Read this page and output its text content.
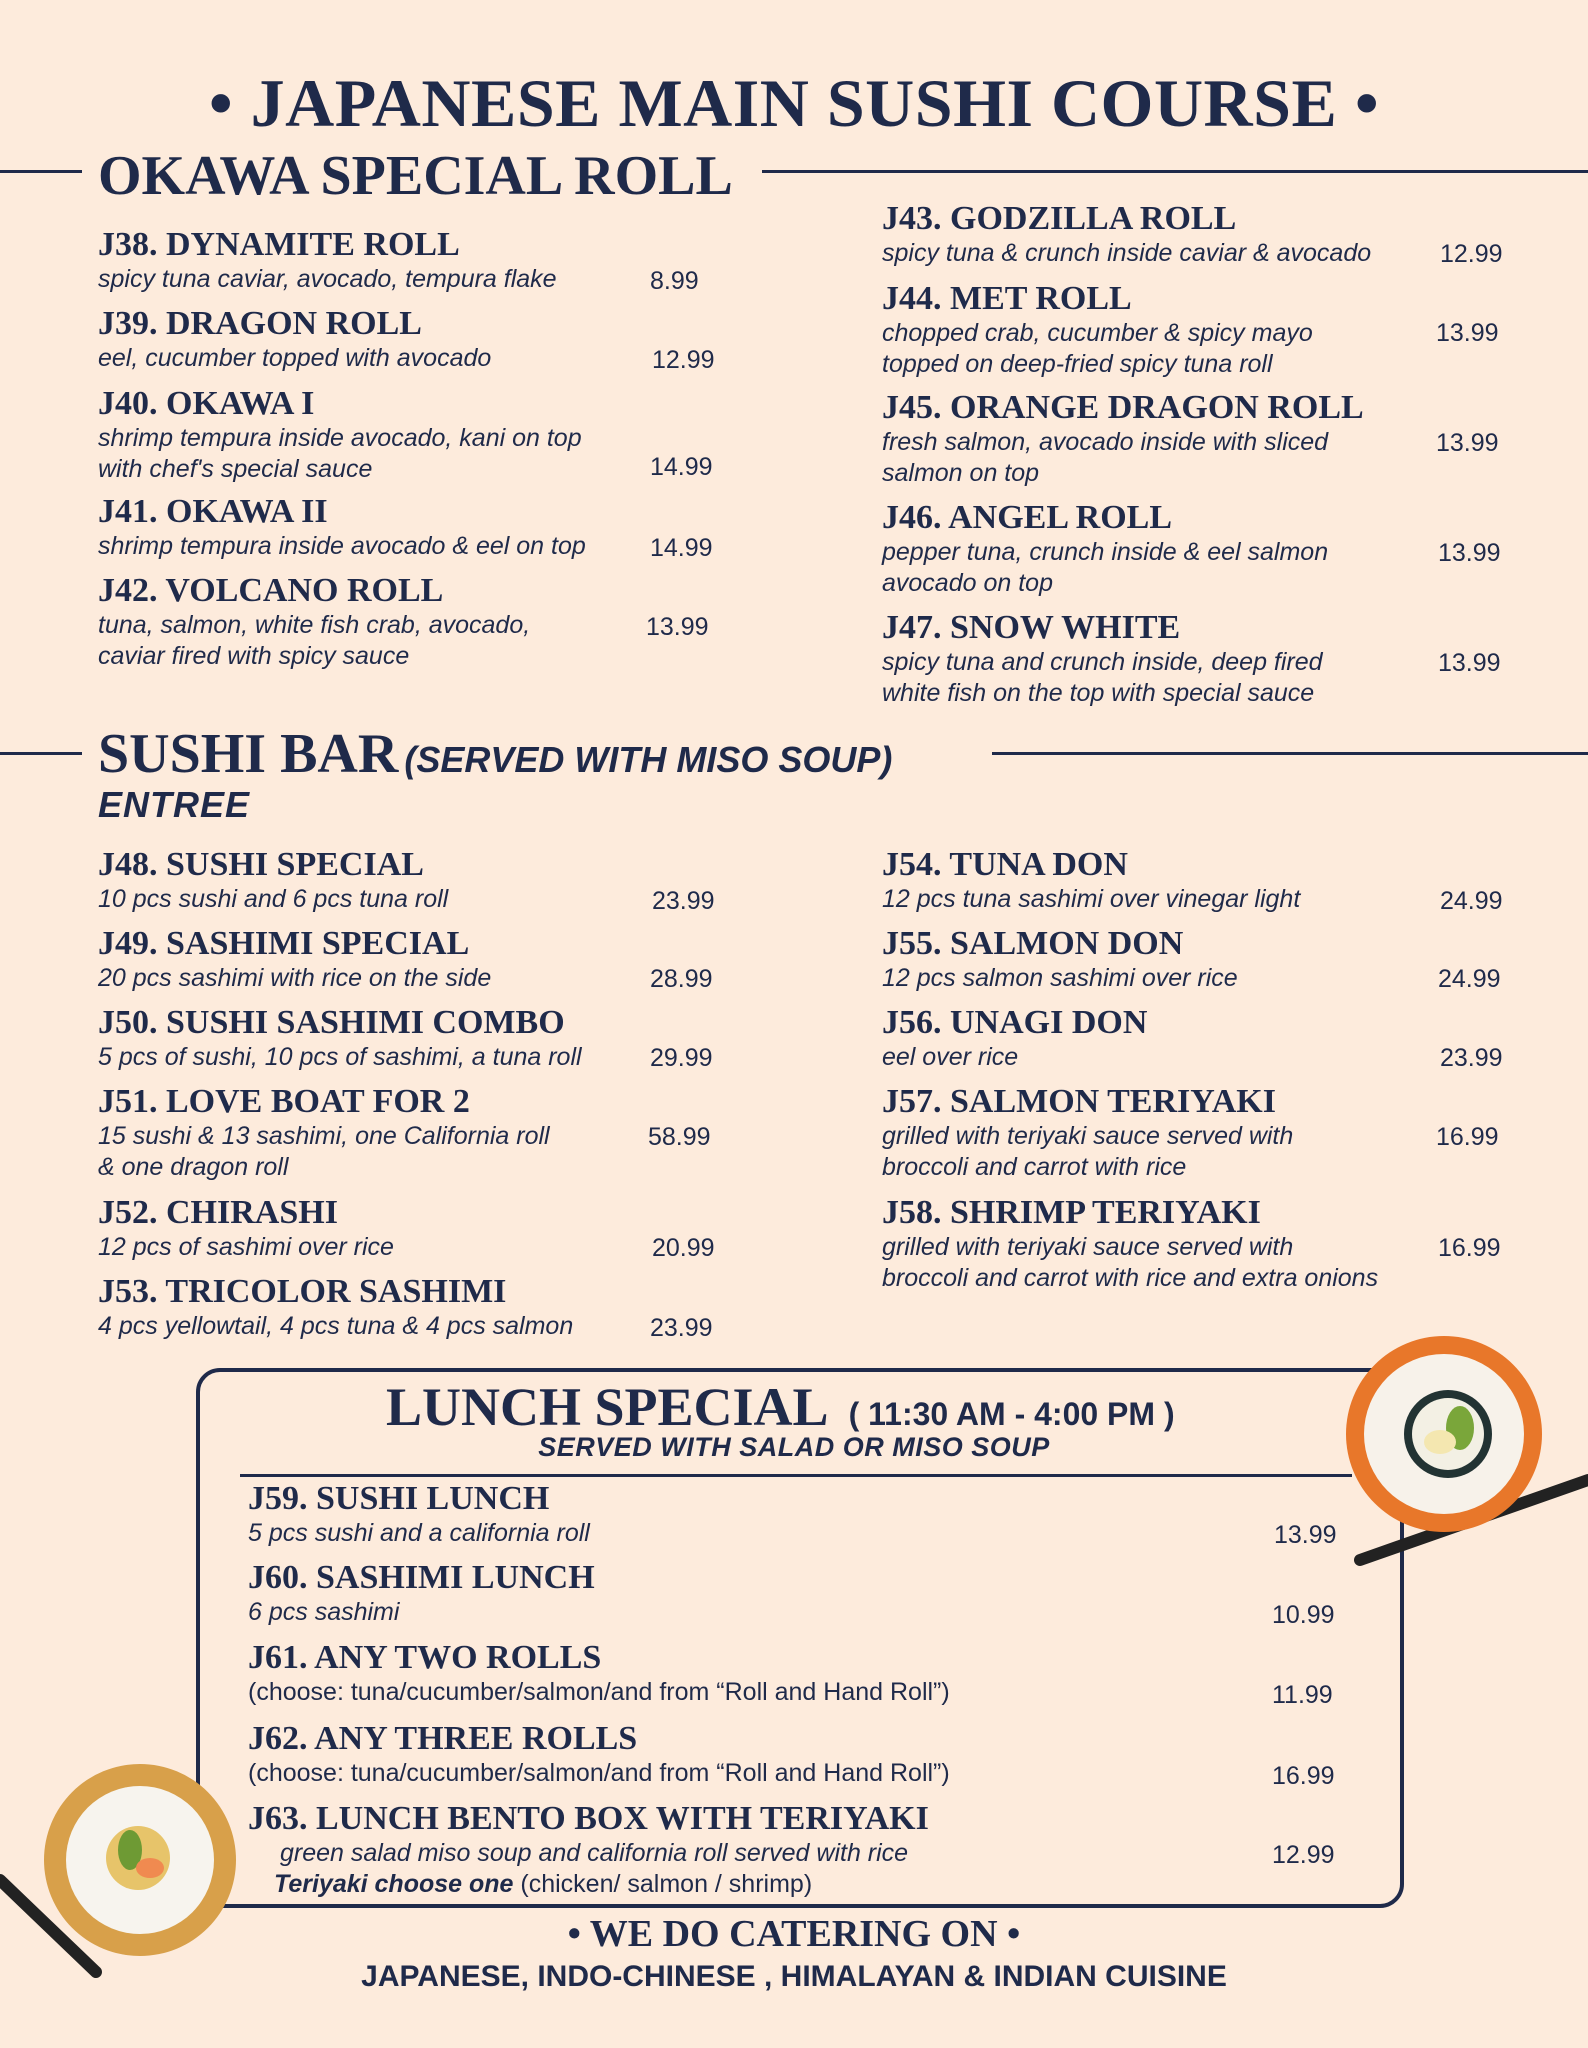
• JAPANESE MAIN SUSHI COURSE •
OKAWA SPECIAL ROLL
J38. DYNAMITE ROLL
spicy tuna caviar, avocado, tempura flake	8.99
J39. DRAGON ROLL
eel, cucumber topped with avocado	12.99
J40. OKAWA I
shrimp tempura inside avocado, kani on top
with chef's special sauce	14.99
J41. OKAWA II
shrimp tempura inside avocado & eel on top	14.99
J42. VOLCANO ROLL
tuna, salmon, white fish crab, avocado,
caviar fired with spicy sauce
13.99
J43. GODZILLA ROLL
spicy tuna & crunch inside caviar & avocado	12.99
J44. MET ROLL
chopped crab, cucumber & spicy mayo
topped on deep-fried spicy tuna roll
13.99
J45. ORANGE DRAGON ROLL
fresh salmon, avocado inside with sliced
salmon on top
13.99
J46. ANGEL ROLL
pepper tuna, crunch inside & eel salmon
avocado on top
13.99
J47. SNOW WHITE
spicy tuna and crunch inside, deep fired
white fish on the top with special sauce
13.99
SUSHI BAR (SERVED WITH MISO SOUP)
ENTREE
J48. SUSHI SPECIAL
10 pcs sushi and 6 pcs tuna roll	23.99
J49. SASHIMI SPECIAL
20 pcs sashimi with rice on the side	28.99
J50. SUSHI SASHIMI COMBO
5 pcs of sushi, 10 pcs of sashimi, a tuna roll	29.99
J51. LOVE BOAT FOR 2
15 sushi & 13 sashimi, one California roll
& one dragon roll
58.99
J52. CHIRASHI
12 pcs of sashimi over rice	20.99
J53. TRICOLOR SASHIMI
4 pcs yellowtail, 4 pcs tuna & 4 pcs salmon	23.99
J54. TUNA DON
12 pcs tuna sashimi over vinegar light	24.99
J55. SALMON DON
12 pcs salmon sashimi over rice	24.99
J56. UNAGI DON
eel over rice	23.99
J57. SALMON TERIYAKI
grilled with teriyaki sauce served with
broccoli and carrot with rice
16.99
J58. SHRIMP TERIYAKI
grilled with teriyaki sauce served with
broccoli and carrot with rice and extra onions
16.99
LUNCH SPECIAL ( 11:30 AM - 4:00 PM )
SERVED WITH SALAD OR MISO SOUP
J59. SUSHI LUNCH
5 pcs sushi and a california roll	13.99
J60. SASHIMI LUNCH
6 pcs sashimi	10.99
J61. ANY TWO ROLLS
(choose: tuna/cucumber/salmon/and from “Roll and Hand Roll”)	11.99
J62. ANY THREE ROLLS
(choose: tuna/cucumber/salmon/and from “Roll and Hand Roll”)	16.99
J63. LUNCH BENTO BOX WITH TERIYAKI
green salad miso soup and california roll served with rice
Teriyaki choose one (chicken/ salmon / shrimp)
12.99
• WE DO CATERING ON •
JAPANESE, INDO-CHINESE , HIMALAYAN & INDIAN CUISINE
